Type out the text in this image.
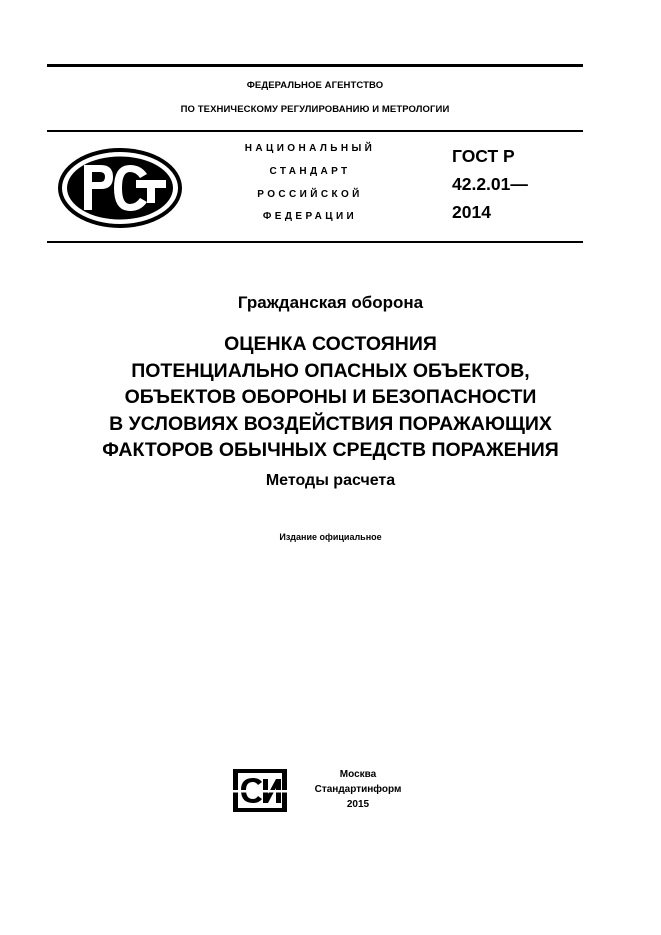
ФЕДЕРАЛЬНОЕ АГЕНТСТВО
ПО ТЕХНИЧЕСКОМУ РЕГУЛИРОВАНИЮ И МЕТРОЛОГИИ
НАЦИОНАЛЬНЫЙ
СТАНДАРТ
РОССИЙСКОЙ
ФЕДЕРАЦИИ
ГОСТ Р
42.2.01—
2014
Гражданская оборона
ОЦЕНКА СОСТОЯНИЯ
ПОТЕНЦИАЛЬНО ОПАСНЫХ ОБЪЕКТОВ,
ОБЪЕКТОВ ОБОРОНЫ И БЕЗОПАСНОСТИ
В УСЛОВИЯХ ВОЗДЕЙСТВИЯ ПОРАЖАЮЩИХ
ФАКТОРОВ ОБЫЧНЫХ СРЕДСТВ ПОРАЖЕНИЯ
Методы расчета
Издание официальное
Москва
Стандартинформ
2015
